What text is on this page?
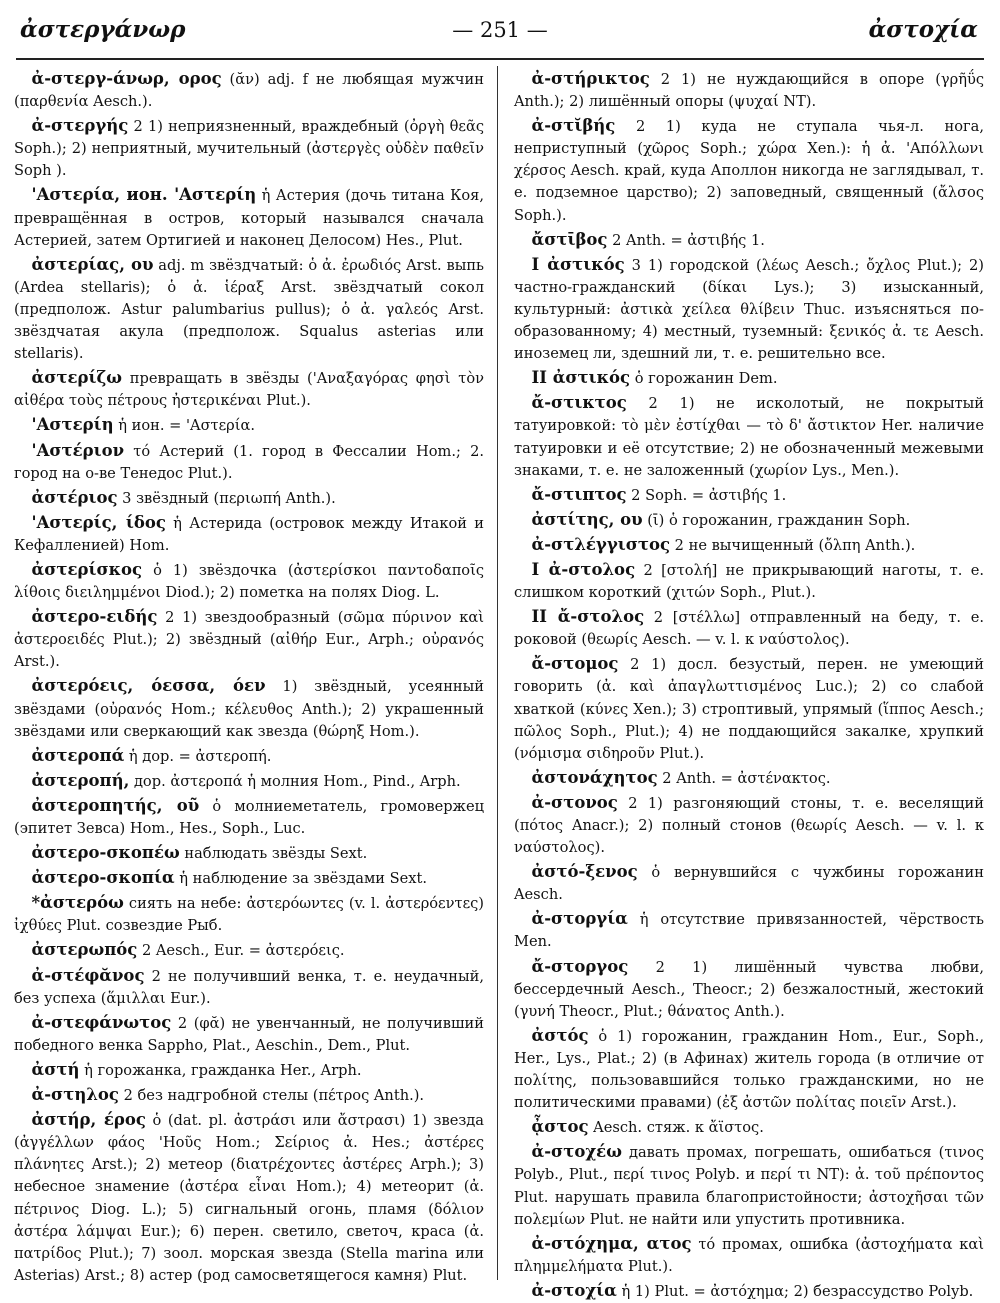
ἀστεργάνωρ	— 251 —	ἀστοχία

ἀ-στεργ-άνωρ, ορος (ᾰν) adj. f не любящая мужчин (παρθενία Aesch.).

ἀ-στεργής 2 1) неприязненный, враждебный (ὀργὴ θεᾶς Soph.); 2) неприятный, мучительный (ἀστεργὲς οὐδὲν παθεῖν Soph ).

'Αστερία, ион. 'Αστερίη ἡ Астерия (дочь титана Коя, превращённая в остров, который назывался сначала Астерией, затем Ортигией и наконец Делосом) Hes., Plut.

ἀστερίας, ου adj. m звёздчатый: ὁ ἀ. ἐρωδιός Arst. выпь (Ardea stellaris); ὁ ἀ. ἱέραξ Arst. звёздчатый сокол (предполож. Astur palumbarius pullus); ὁ ἀ. γαλεός Arst. звёздчатая акула (предполож. Squalus asterias или stellaris).

ἀστερίζω превращать в звёзды ('Αναξαγόρας φησὶ τὸν αἰθέρα τοὺς πέτρους ἠστερικέναι Plut.).

'Αστερίη ἡ ион. = 'Αστερία.

'Αστέριον τό Астерий (1. город в Фессалии Hom.; 2. город на о-ве Тенедос Plut.).

ἀστέριος 3 звёздный (περιωπή Anth.).

'Αστερίς, ίδος ἡ Астерида (островок между Итакой и Кефалленией) Hom.

ἀστερίσκος ὁ 1) звёздочка (ἀστερίσκοι παντοδαποῖς λίθοις διειλημμένοι Diod.); 2) пометка на полях Diog. L.

ἀστερο-ειδής 2 1) звездообразный (σῶμα πύρινον καὶ ἀστεροειδές Plut.); 2) звёздный (αἰθήρ Eur., Arph.; οὐρανός Arst.).

ἀστερόεις, όεσσα, όεν 1) звёздный, усеянный звёздами (οὐρανός Hom.; κέλευθος Anth.); 2) украшенный звёздами или сверкающий как звезда (θώρηξ Hom.).

ἀστεροπά ἡ дор. = ἀστεροπή.

ἀστεροπή, дор. ἀστεροπά ἡ молния Hom., Pind., Arph.

ἀστεροπητής, οῦ ὁ молниеметатель, громовержец (эпитет Зевса) Hom., Hes., Soph., Luc.

ἀστερο-σκοπέω наблюдать звёзды Sext.

ἀστερο-σκοπία ἡ наблюдение за звёздами Sext.

*ἀστερόω сиять на небе: ἀστερόωντες (v. l. ἀστερόεντες) ἰχθύες Plut. созвездие Рыб.

ἀστερωπός 2 Aesch., Eur. = ἀστερόεις.

ἀ-στέφᾰνος 2 не получивший венка, т. е. неудачный, без успеха (ἅμιλλαι Eur.).

ἀ-στεφάνωτος 2 (φᾰ) не увенчанный, не получивший победного венка Sappho, Plat., Aeschin., Dem., Plut.

ἀστή ἡ горожанка, гражданка Her., Arph.

ἀ-στηλος 2 без надгробной стелы (πέτρος Anth.).

ἀστήρ, έρος ὁ (dat. pl. ἀστράσι или ἄστρασι) 1) звезда (ἀγγέλλων φάος 'Ηοῦς Hom.; Σείριος ἀ. Hes.; ἀστέρες πλάνητες Arst.); 2) метеор (διατρέχοντες ἀστέρες Arph.); 3) небесное знамение (ἀστέρα εἶναι Hom.); 4) метеорит (ἀ. πέτρινος Diog. L.); 5) сигнальный огонь, пламя (δόλιον ἀστέρα λάμψαι Eur.); 6) перен. светило, светоч, краса (ἀ. πατρίδος Plut.); 7) зоол. морская звезда (Stella marina или Asterias) Arst.; 8) астер (род самосветящегося камня) Plut.

ἀ-στήρικτος 2 1) не нуждающийся в опоре (γρῆΰς Anth.); 2) лишённый опоры (ψυχαί NT).

ἀ-στῐβής 2 1) куда не ступала чья-л. нога, неприступный (χῶρος Soph.; χώρα Xen.): ἡ ἀ. 'Απόλλωνι χέρσος Aesch. край, куда Аполлон никогда не заглядывал, т. е. подземное царство); 2) заповедный, священный (ἄλσος Soph.).

ἄστῑβος 2 Anth. = ἀστιβής 1.

I ἀστικός 3 1) городской (λέως Aesch.; ὄχλος Plut.); 2) частно-гражданский (δίκαι Lys.); 3) изысканный, культурный: ἀστικὰ χείλεα θλίβειν Thuc. изъясняться по-образованному; 4) местный, туземный: ξενικός ἀ. τε Aesch. иноземец ли, здешний ли, т. е. решительно все.

II ἀστικός ὁ горожанин Dem.

ἄ-στικτος 2 1) не исколотый, не покрытый татуировкой: τὸ μὲν ἐστίχθαι — τὸ δ' ἄστικτον Her. наличие татуировки и её отсутствие; 2) не обозначенный межевыми знаками, т. е. не заложенный (χωρίον Lys., Men.).

ἄ-στιπτος 2 Soph. = ἀστιβής 1.

ἀστίτης, ου (ῑ) ὁ горожанин, гражданин Soph.

ἀ-στλέγγιστος 2 не вычищенный (ὄλπη Anth.).

I ἀ-στολος 2 [στολή] не прикрывающий наготы, т. е. слишком короткий (χιτών Soph., Plut.).

II ἄ-στολος 2 [στέλλω] отправленный на беду, т. е. роковой (θεωρίς Aesch. — v. l. к ναύστολος).

ἄ-στομος 2 1) досл. безустый, перен. не умеющий говорить (ἀ. καὶ ἀπαγλωττισμένος Luc.); 2) со слабой хваткой (κύνες Xen.); 3) строптивый, упрямый (ἵππος Aesch.; πῶλος Soph., Plut.); 4) не поддающийся закалке, хрупкий (νόμισμα σιδηροῦν Plut.).

ἀστονάχητος 2 Anth. = ἀστένακτος.

ἀ-στονος 2 1) разгоняющий стоны, т. е. веселящий (πότος Anacr.); 2) полный стонов (θεωρίς Aesch. — v. l. к ναύστολος).

ἀστό-ξενος ὁ вернувшийся с чужбины горожанин Aesch.

ἀ-στοργία ἡ отсутствие привязанностей, чёрствость Men.

ἄ-στοργος 2 1) лишённый чувства любви, бессердечный Aesch., Theocr.; 2) безжалостный, жестокий (γυνή Theocr., Plut.; θάνατος Anth.).

ἀστός ὁ 1) горожанин, гражданин Hom., Eur., Soph., Her., Lys., Plat.; 2) (в Афинах) житель города (в отличие от πολίτης, пользовавшийся только гражданскими, но не политическими правами) (ἐξ ἀστῶν πολίτας ποιεῖν Arst.).

ᾆστος Aesch. стяж. к ἄϊστος.

ἀ-στοχέω давать промах, погрешать, ошибаться (τινος Polyb., Plut., περί τινος Polyb. и περί τι NT): ἀ. τοῦ πρέποντος Plut. нарушать правила благопристойности; ἀστοχῆσαι τῶν πολεμίων Plut. не найти или упустить противника.

ἀ-στόχημα, ατος τό промах, ошибка (ἀστοχήματα καὶ πλημμελήματα Plut.).

ἀ-στοχία ἡ 1) Plut. = ἀστόχημα; 2) безрассудство Polyb.
